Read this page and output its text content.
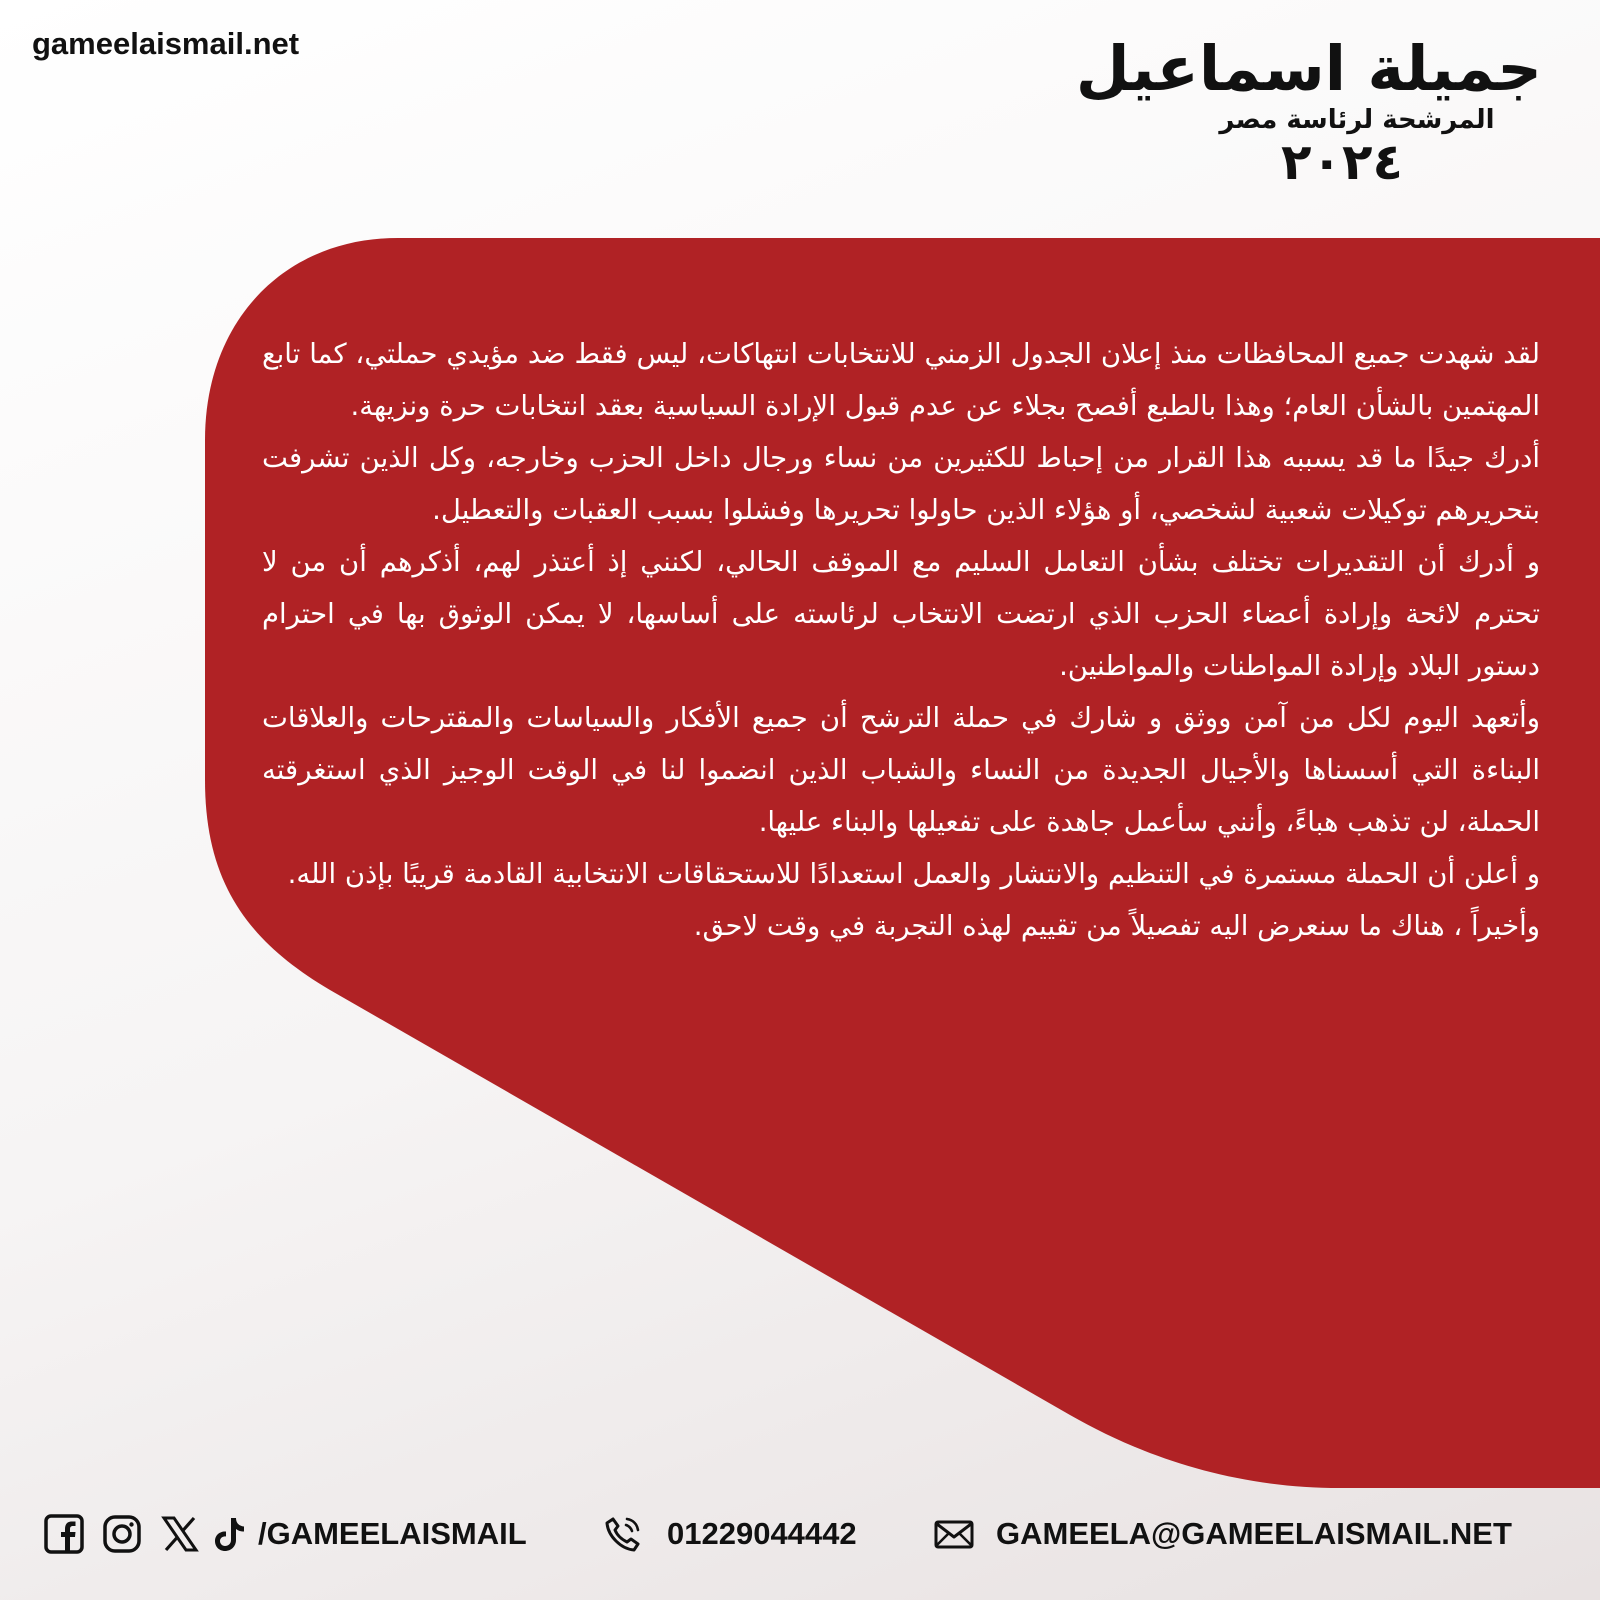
gameelaismail.net	جميلة اسماعيل
المرشحة لرئاسة مصر
٢٠٢٤

لقد شهدت جميع المحافظات منذ إعلان الجدول الزمني للانتخابات انتهاكات، ليس فقط ضد مؤيدي حملتي، كما تابع المهتمين بالشأن العام؛ وهذا بالطبع أفصح بجلاء عن عدم قبول الإرادة السياسية بعقد انتخابات حرة ونزيهة.

أدرك جيدًا ما قد يسببه هذا القرار من إحباط للكثيرين من نساء ورجال داخل الحزب وخارجه، وكل الذين تشرفت بتحريرهم توكيلات شعبية لشخصي، أو هؤلاء الذين حاولوا تحريرها وفشلوا بسبب العقبات والتعطيل.

و أدرك أن التقديرات تختلف بشأن التعامل السليم مع الموقف الحالي، لكنني إذ أعتذر لهم، أذكرهم أن من لا تحترم لائحة وإرادة أعضاء الحزب الذي ارتضت الانتخاب لرئاسته على أساسها، لا يمكن الوثوق بها في احترام دستور البلاد وإرادة المواطنات والمواطنين.

وأتعهد اليوم لكل من آمن ووثق و شارك في حملة الترشح أن جميع الأفكار والسياسات والمقترحات والعلاقات البناءة التي أسسناها والأجيال الجديدة من النساء والشباب الذين انضموا لنا في الوقت الوجيز الذي استغرقته الحملة، لن تذهب هباءً، وأنني سأعمل جاهدة على تفعيلها والبناء عليها.

و أعلن أن الحملة مستمرة في التنظيم والانتشار والعمل استعدادًا للاستحقاقات الانتخابية القادمة قريبًا بإذن الله.

وأخيراً ، هناك ما سنعرض اليه تفصيلاً من تقييم لهذه التجربة في وقت لاحق.

/GAMEELAISMAIL	01229044442	GAMEELA@GAMEELAISMAIL.NET
